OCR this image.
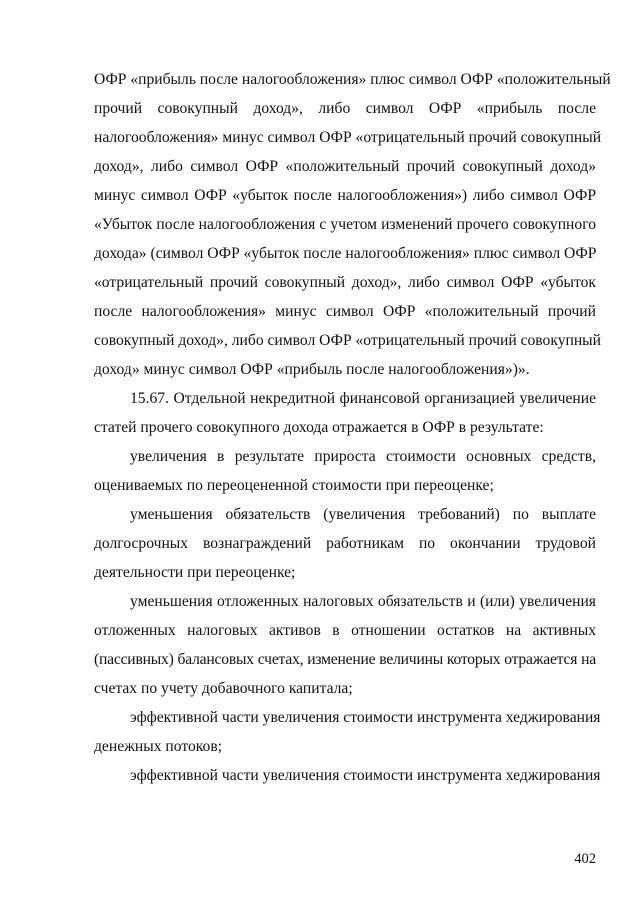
ОФР «прибыль после налогообложения» плюс символ ОФР «положительный
прочий совокупный доход», либо символ ОФР «прибыль после
налогообложения» минус символ ОФР «отрицательный прочий совокупный
доход», либо символ ОФР «положительный прочий совокупный доход»
минус символ ОФР «убыток после налогообложения») либо символ ОФР
«Убыток после налогообложения с учетом изменений прочего совокупного
дохода» (символ ОФР «убыток после налогообложения» плюс символ ОФР
«отрицательный прочий совокупный доход», либо символ ОФР «убыток
после налогообложения» минус символ ОФР «положительный прочий
совокупный доход», либо символ ОФР «отрицательный прочий совокупный
доход» минус символ ОФР «прибыль после налогообложения»)».
15.67. Отдельной некредитной финансовой организацией увеличение
статей прочего совокупного дохода отражается в ОФР в результате:
увеличения в результате прироста стоимости основных средств,
оцениваемых по переоцененной стоимости при переоценке;
уменьшения обязательств (увеличения требований) по выплате
долгосрочных вознаграждений работникам по окончании трудовой
деятельности при переоценке;
уменьшения отложенных налоговых обязательств и (или) увеличения
отложенных налоговых активов в отношении остатков на активных
(пассивных) балансовых счетах, изменение величины которых отражается на
счетах по учету добавочного капитала;
эффективной части увеличения стоимости инструмента хеджирования
денежных потоков;
эффективной части увеличения стоимости инструмента хеджирования
402
